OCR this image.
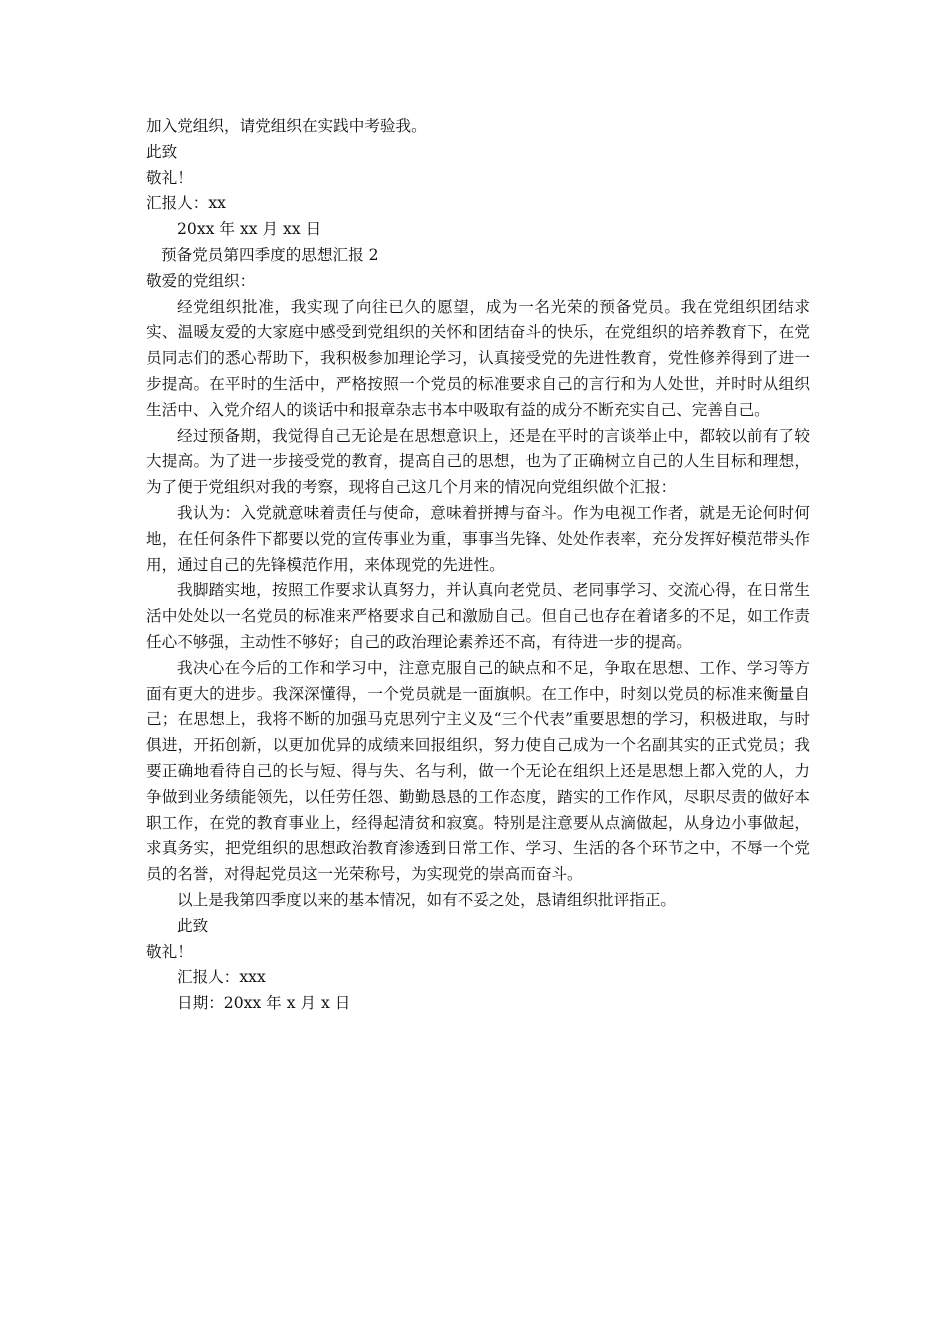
加入党组织，请党组织在实践中考验我。

此致

敬礼！

汇报人：xx

20xx 年 xx 月 xx 日

预备党员第四季度的思想汇报 2

敬爱的党组织：

经党组织批准，我实现了向往已久的愿望，成为一名光荣的预备党员。我在党组织团结求实、温暖友爱的大家庭中感受到党组织的关怀和团结奋斗的快乐，在党组织的培养教育下，在党员同志们的悉心帮助下，我积极参加理论学习，认真接受党的先进性教育，党性修养得到了进一步提高。在平时的生活中，严格按照一个党员的标准要求自己的言行和为人处世，并时时从组织生活中、入党介绍人的谈话中和报章杂志书本中吸取有益的成分不断充实自己、完善自己。

经过预备期，我觉得自己无论是在思想意识上，还是在平时的言谈举止中，都较以前有了较大提高。为了进一步接受党的教育，提高自己的思想，也为了正确树立自己的人生目标和理想，为了便于党组织对我的考察，现将自己这几个月来的情况向党组织做个汇报：

我认为：入党就意味着责任与使命，意味着拼搏与奋斗。作为电视工作者，就是无论何时何地，在任何条件下都要以党的宣传事业为重，事事当先锋、处处作表率，充分发挥好模范带头作用，通过自己的先锋模范作用，来体现党的先进性。

我脚踏实地，按照工作要求认真努力，并认真向老党员、老同事学习、交流心得，在日常生活中处处以一名党员的标准来严格要求自己和激励自己。但自己也存在着诸多的不足，如工作责任心不够强，主动性不够好；自己的政治理论素养还不高，有待进一步的提高。

我决心在今后的工作和学习中，注意克服自己的缺点和不足，争取在思想、工作、学习等方面有更大的进步。我深深懂得，一个党员就是一面旗帜。在工作中，时刻以党员的标准来衡量自己；在思想上，我将不断的加强马克思列宁主义及“三个代表”重要思想的学习，积极进取，与时俱进，开拓创新，以更加优异的成绩来回报组织，努力使自己成为一个名副其实的正式党员；我要正确地看待自己的长与短、得与失、名与利，做一个无论在组织上还是思想上都入党的人，力争做到业务绩能领先，以任劳任怨、勤勤恳恳的工作态度，踏实的工作作风，尽职尽责的做好本职工作，在党的教育事业上，经得起清贫和寂寞。特别是注意要从点滴做起，从身边小事做起，求真务实，把党组织的思想政治教育渗透到日常工作、学习、生活的各个环节之中，不辱一个党员的名誉，对得起党员这一光荣称号，为实现党的崇高而奋斗。

以上是我第四季度以来的基本情况，如有不妥之处，恳请组织批评指正。

此致

敬礼！

汇报人：xxx

日期：20xx 年 x 月 x 日
